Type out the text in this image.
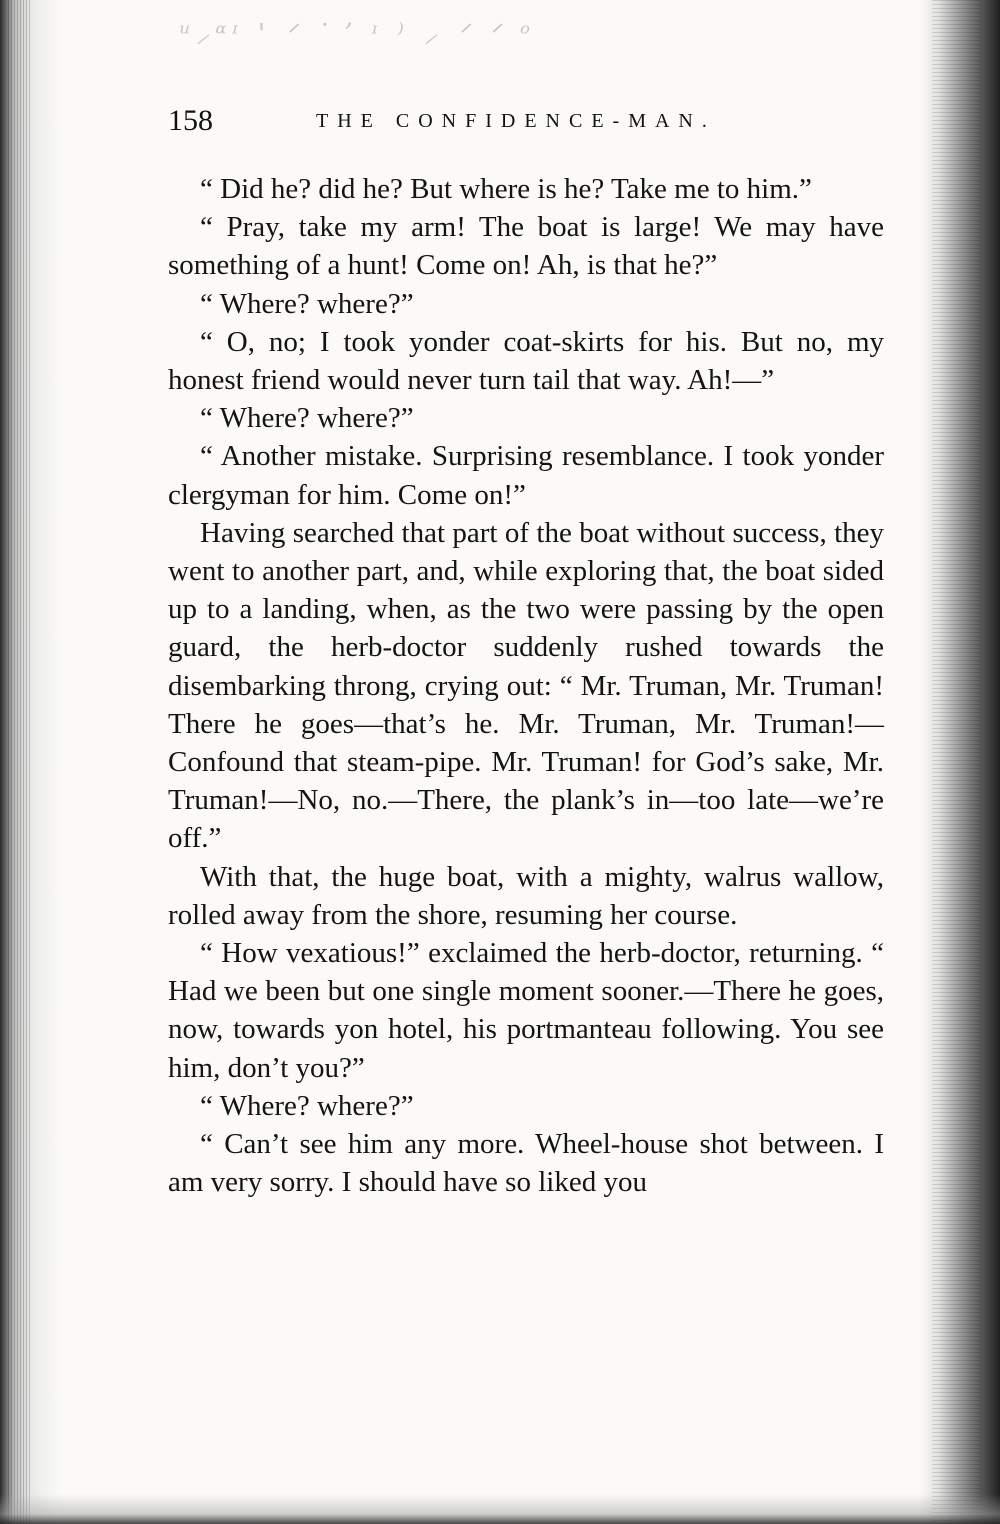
ᵘ⸝ᵅᶦ ' ᐟ ᐝ ʼ ᶦ ⁾ ⸝ ᐟ ᐟ ᵒ
158	THE CONFIDENCE-MAN.

“ Did he? did he? But where is he? Take me to him.”

“ Pray, take my arm! The boat is large! We may have something of a hunt! Come on! Ah, is that he?”

“ Where? where?”

“ O, no; I took yonder coat-skirts for his. But no, my honest friend would never turn tail that way. Ah!—”

“ Where? where?”

“ Another mistake. Surprising resemblance. I took yonder clergyman for him. Come on!”

Having searched that part of the boat without success, they went to another part, and, while exploring that, the boat sided up to a landing, when, as the two were passing by the open guard, the herb-doctor suddenly rushed towards the disembarking throng, crying out: “ Mr. Truman, Mr. Truman! There he goes—that’s he. Mr. Truman, Mr. Truman!—Confound that steam-pipe. Mr. Truman! for God’s sake, Mr. Truman!—No, no.—There, the plank’s in—too late—we’re off.”

With that, the huge boat, with a mighty, walrus wallow, rolled away from the shore, resuming her course.

“ How vexatious!” exclaimed the herb-doctor, returning. “ Had we been but one single moment sooner.—There he goes, now, towards yon hotel, his portmanteau following. You see him, don’t you?”

“ Where? where?”

“ Can’t see him any more. Wheel-house shot between. I am very sorry. I should have so liked you
